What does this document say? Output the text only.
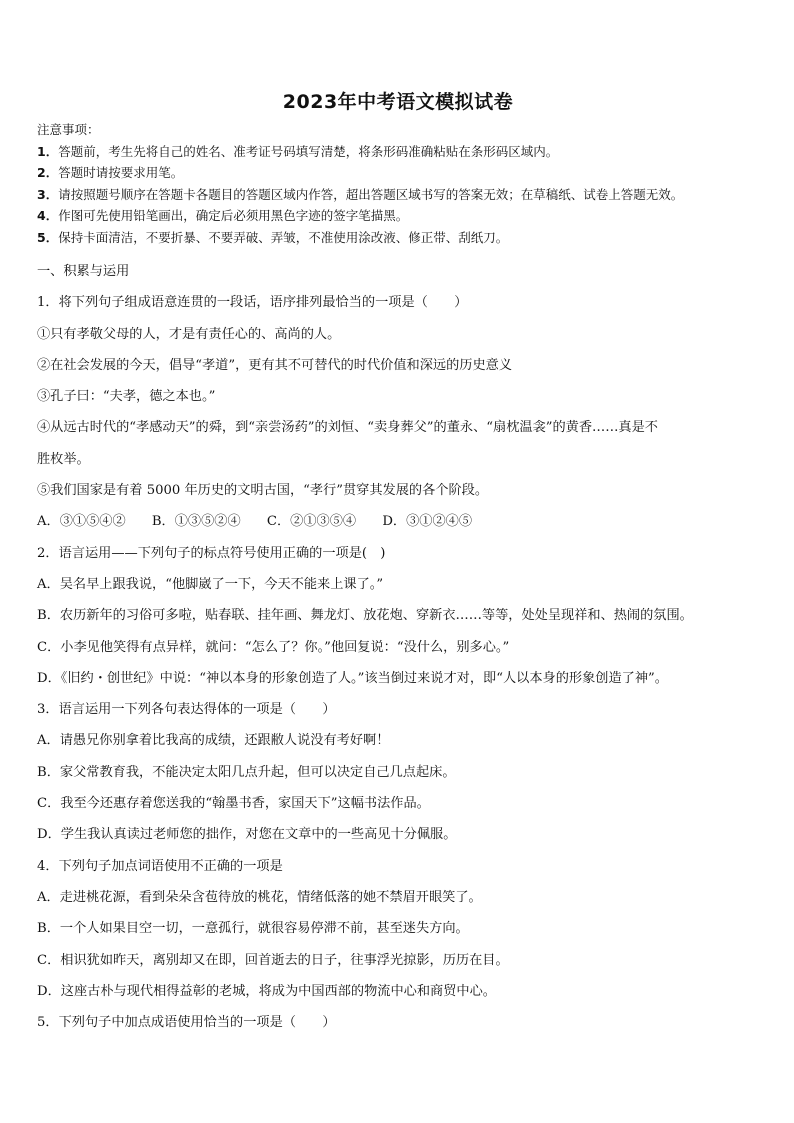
2023年中考语文模拟试卷
注意事项：
1．答题前，考生先将自己的姓名、准考证号码填写清楚，将条形码准确粘贴在条形码区域内。
2．答题时请按要求用笔。
3．请按照题号顺序在答题卡各题目的答题区域内作答，超出答题区域书写的答案无效；在草稿纸、试卷上答题无效。
4．作图可先使用铅笔画出，确定后必须用黑色字迹的签字笔描黑。
5．保持卡面清洁，不要折暴、不要弄破、弄皱，不准使用涂改液、修正带、刮纸刀。
一、积累与运用
1．将下列句子组成语意连贯的一段话，语序排列最恰当的一项是（　　）
①只有孝敬父母的人，才是有责任心的、高尚的人。
②在社会发展的今天，倡导“孝道”，更有其不可替代的时代价值和深远的历史意义
③孔子曰：“夫孝，德之本也。”
④从远古时代的“孝感动天”的舜，到“亲尝汤药”的刘恒、“卖身葬父”的董永、“扇枕温衾”的黄香……真是不
胜枚举。
⑤我们国家是有着 5000 年历史的文明古国，“孝行”贯穿其发展的各个阶段。
A．③①⑤④② B．①③⑤②④ C．②①③⑤④ D．③①②④⑤
2．语言运用——下列句子的标点符号使用正确的一项是(　)
A．吴名早上跟我说，“他脚崴了一下，今天不能来上课了。”
B．农历新年的习俗可多啦，贴春联、挂年画、舞龙灯、放花炮、穿新衣……等等，处处呈现祥和、热闹的氛围。
C．小李见他笑得有点异样，就问：“怎么了？你。”他回复说：“没什么，别多心。”
D．《旧约・创世纪》中说：“神以本身的形象创造了人。”该当倒过来说才对，即“人以本身的形象创造了神”。
3．语言运用一下列各句表达得体的一项是（　　）
A．请愚兄你别拿着比我高的成绩，还跟敝人说没有考好啊！
B．家父常教育我，不能决定太阳几点升起，但可以决定自己几点起床。
C．我至今还惠存着您送我的“翰墨书香，家国天下”这幅书法作品。
D．学生我认真读过老师您的拙作，对您在文章中的一些高见十分佩服。
4．下列句子加点词语使用不正确的一项是
A．走进桃花源，看到朵朵含苞待放的桃花，情绪低落的她不禁眉开眼笑了。
B．一个人如果目空一切，一意孤行，就很容易停滞不前，甚至迷失方向。
C．相识犹如昨天，离别却又在即，回首逝去的日子，往事浮光掠影，历历在目。
D．这座古朴与现代相得益彰的老城，将成为中国西部的物流中心和商贸中心。
5．下列句子中加点成语使用恰当的一项是（　　）
